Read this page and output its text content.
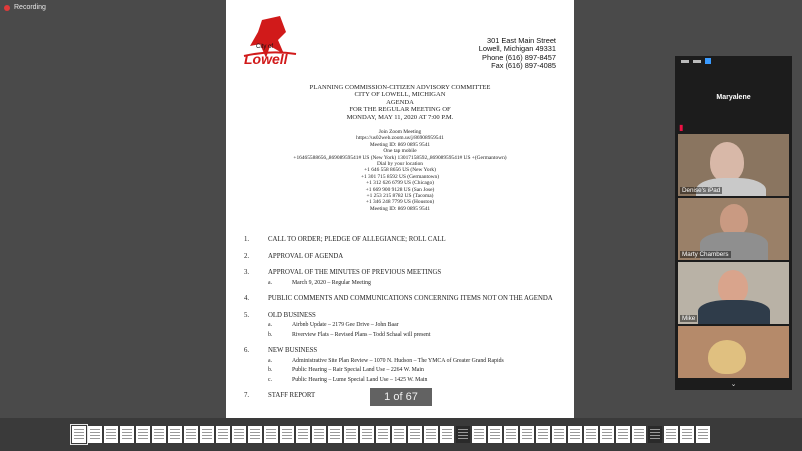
Recording
City of
Lowell
301 East Main Street
Lowell, Michigan 49331
Phone (616) 897-8457
Fax (616) 897-4085
PLANNING COMMISSION-CITIZEN ADVISORY COMMITTEE
CITY OF LOWELL, MICHIGAN
AGENDA
FOR THE REGULAR MEETING OF
MONDAY, MAY 11, 2020 AT 7:00 P.M.
Join Zoom Meeting
https://us02web.zoom.us/j/86908959541
Meeting ID: 869 0895 9541
One tap mobile
+16465588656,,86908959541# US (New York) 13017158592,,86908959541# US +(Germantown)
Dial by your location
+1 646 558 8656 US (New York)
+1 301 715 8592 US (Germantown)
+1 312 626 6799 US (Chicago)
+1 669 900 9128 US (San Jose)
+1 253 215 8782 US (Tacoma)
+1 346 248 7799 US (Houston)
Meeting ID: 869 0895 9541
1.	CALL TO ORDER; PLEDGE OF ALLEGIANCE; ROLL CALL
2.	APPROVAL OF AGENDA
3.	APPROVAL OF THE MINUTES OF PREVIOUS MEETINGS
a.	March 9, 2020 – Regular Meeting
4.	PUBLIC COMMENTS AND COMMUNICATIONS CONCERNING ITEMS NOT ON THE AGENDA
5.	OLD BUSINESS
a.	Airbnb Update – 2179 Gee Drive – John Baar
b.	Riverview Flats – Revised Plans – Todd Schaal will present
6.	NEW BUSINESS
a.	Administrative Site Plan Review – 1070 N. Hudson – The YMCA of Greater Grand Rapids
b.	Public Hearing – Rair Special Land Use – 2264 W. Main
c.	Public Hearing – Lume Special Land Use – 1425 W. Main
7.	STAFF REPORT	1 of 67
Maryalene
▮
Denise's iPad
Marty Chambers
Mike
⌄
